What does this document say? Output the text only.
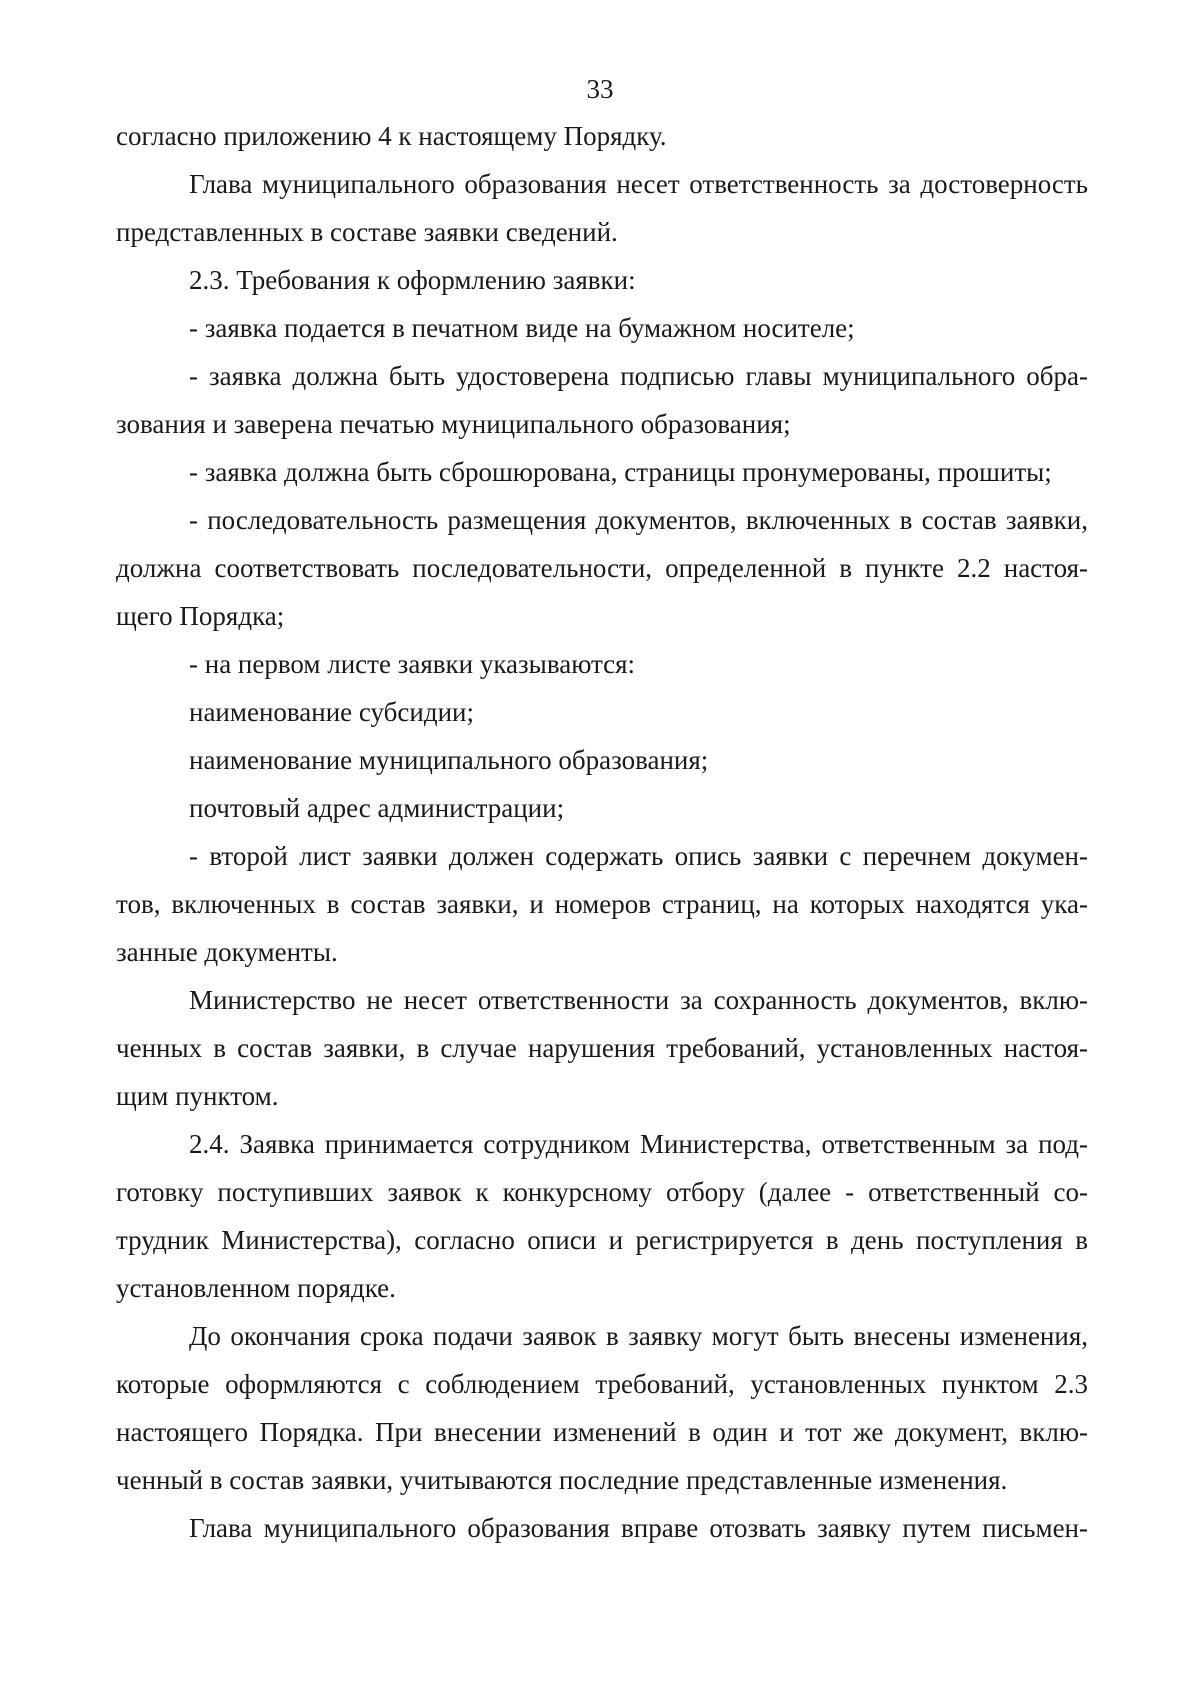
33
согласно приложению 4 к настоящему Порядку.
Глава муниципального образования несет ответственность за достоверность
представленных в составе заявки сведений.
2.3. Требования к оформлению заявки:
- заявка подается в печатном виде на бумажном носителе;
- заявка должна быть удостоверена подписью главы муниципального обра-
зования и заверена печатью муниципального образования;
- заявка должна быть сброшюрована, страницы пронумерованы, прошиты;
- последовательность размещения документов, включенных в состав заявки,
должна соответствовать последовательности, определенной в пункте 2.2 настоя-
щего Порядка;
- на первом листе заявки указываются:
наименование субсидии;
наименование муниципального образования;
почтовый адрес администрации;
- второй лист заявки должен содержать опись заявки с перечнем докумен-
тов, включенных в состав заявки, и номеров страниц, на которых находятся ука-
занные документы.
Министерство не несет ответственности за сохранность документов, вклю-
ченных в состав заявки, в случае нарушения требований, установленных настоя-
щим пунктом.
2.4. Заявка принимается сотрудником Министерства, ответственным за под-
готовку поступивших заявок к конкурсному отбору (далее - ответственный со-
трудник Министерства), согласно описи и регистрируется в день поступления в
установленном порядке.
До окончания срока подачи заявок в заявку могут быть внесены изменения,
которые оформляются с соблюдением требований, установленных пунктом 2.3
настоящего Порядка. При внесении изменений в один и тот же документ, вклю-
ченный в состав заявки, учитываются последние представленные изменения.
Глава муниципального образования вправе отозвать заявку путем письмен-
